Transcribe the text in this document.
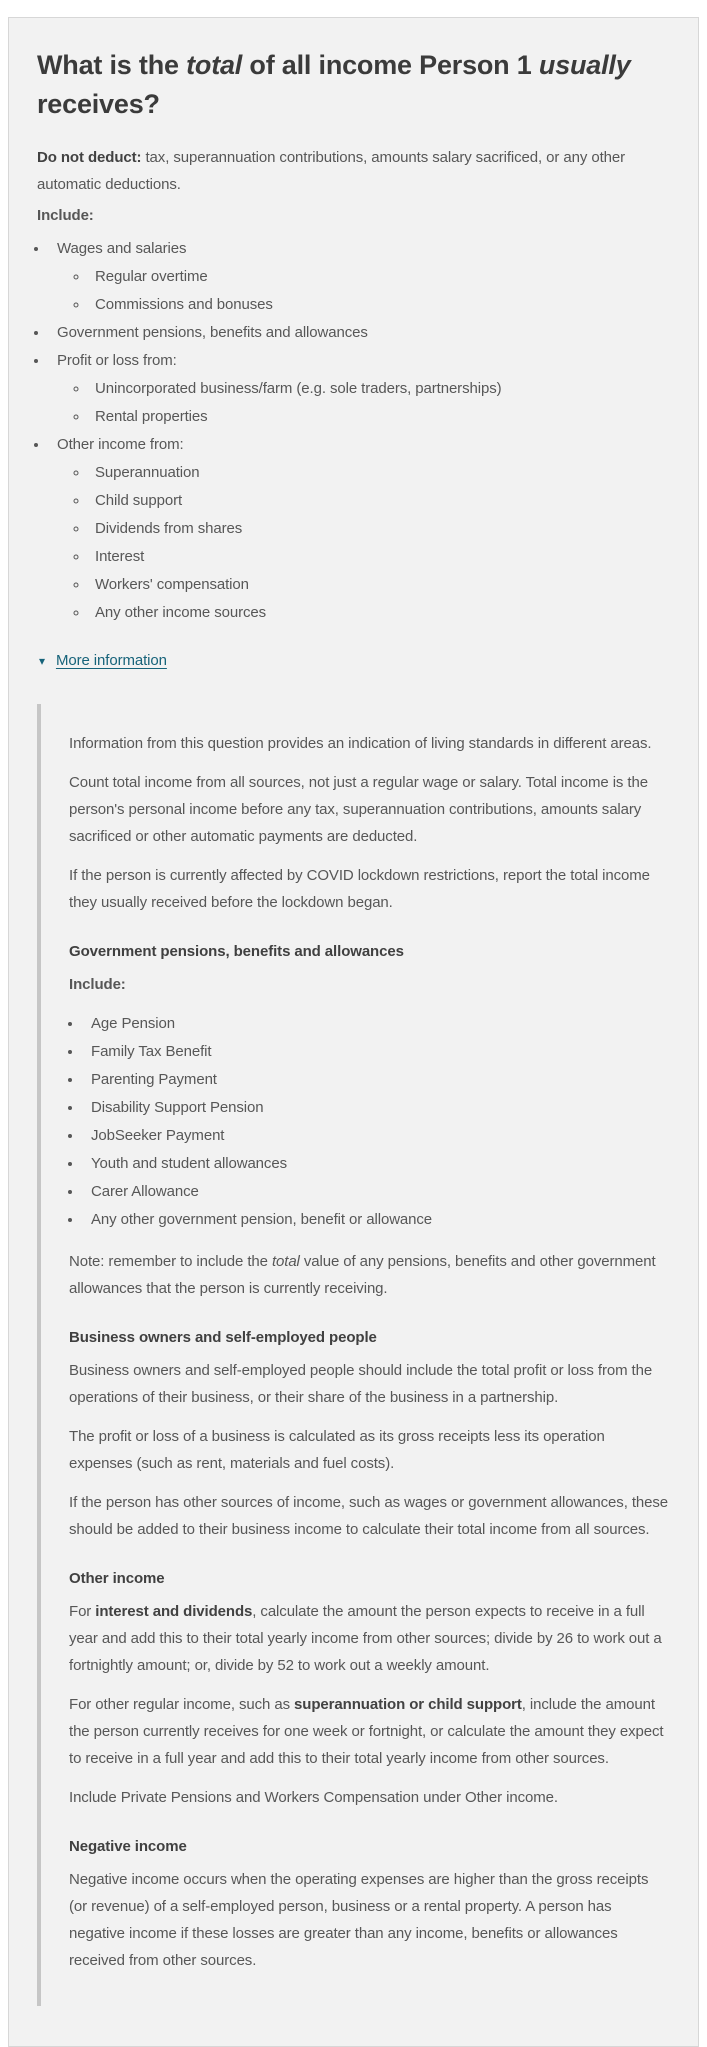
What is the total of all income Person 1 usually receives?

Do not deduct: tax, superannuation contributions, amounts salary sacrificed, or any other automatic deductions.

Include:

• Wages and salaries
◦ Regular overtime
◦ Commissions and bonuses
• Government pensions, benefits and allowances
• Profit or loss from:
◦ Unincorporated business/farm (e.g. sole traders, partnerships)
◦ Rental properties
• Other income from:
◦ Superannuation
◦ Child support
◦ Dividends from shares
◦ Interest
◦ Workers' compensation
◦ Any other income sources
▾ More information

Information from this question provides an indication of living standards in different areas.

Count total income from all sources, not just a regular wage or salary. Total income is the person's personal income before any tax, superannuation contributions, amounts salary sacrificed or other automatic payments are deducted.

If the person is currently affected by COVID lockdown restrictions, report the total income they usually received before the lockdown began.

Government pensions, benefits and allowances

Include:

• Age Pension
• Family Tax Benefit
• Parenting Payment
• Disability Support Pension
• JobSeeker Payment
• Youth and student allowances
• Carer Allowance
• Any other government pension, benefit or allowance

Note: remember to include the total value of any pensions, benefits and other government allowances that the person is currently receiving.

Business owners and self-employed people

Business owners and self-employed people should include the total profit or loss from the operations of their business, or their share of the business in a partnership.

The profit or loss of a business is calculated as its gross receipts less its operation expenses (such as rent, materials and fuel costs).

If the person has other sources of income, such as wages or government allowances, these should be added to their business income to calculate their total income from all sources.

Other income

For interest and dividends, calculate the amount the person expects to receive in a full year and add this to their total yearly income from other sources; divide by 26 to work out a fortnightly amount; or, divide by 52 to work out a weekly amount.

For other regular income, such as superannuation or child support, include the amount the person currently receives for one week or fortnight, or calculate the amount they expect to receive in a full year and add this to their total yearly income from other sources.

Include Private Pensions and Workers Compensation under Other income.

Negative income

Negative income occurs when the operating expenses are higher than the gross receipts (or revenue) of a self-employed person, business or a rental property. A person has negative income if these losses are greater than any income, benefits or allowances received from other sources.
